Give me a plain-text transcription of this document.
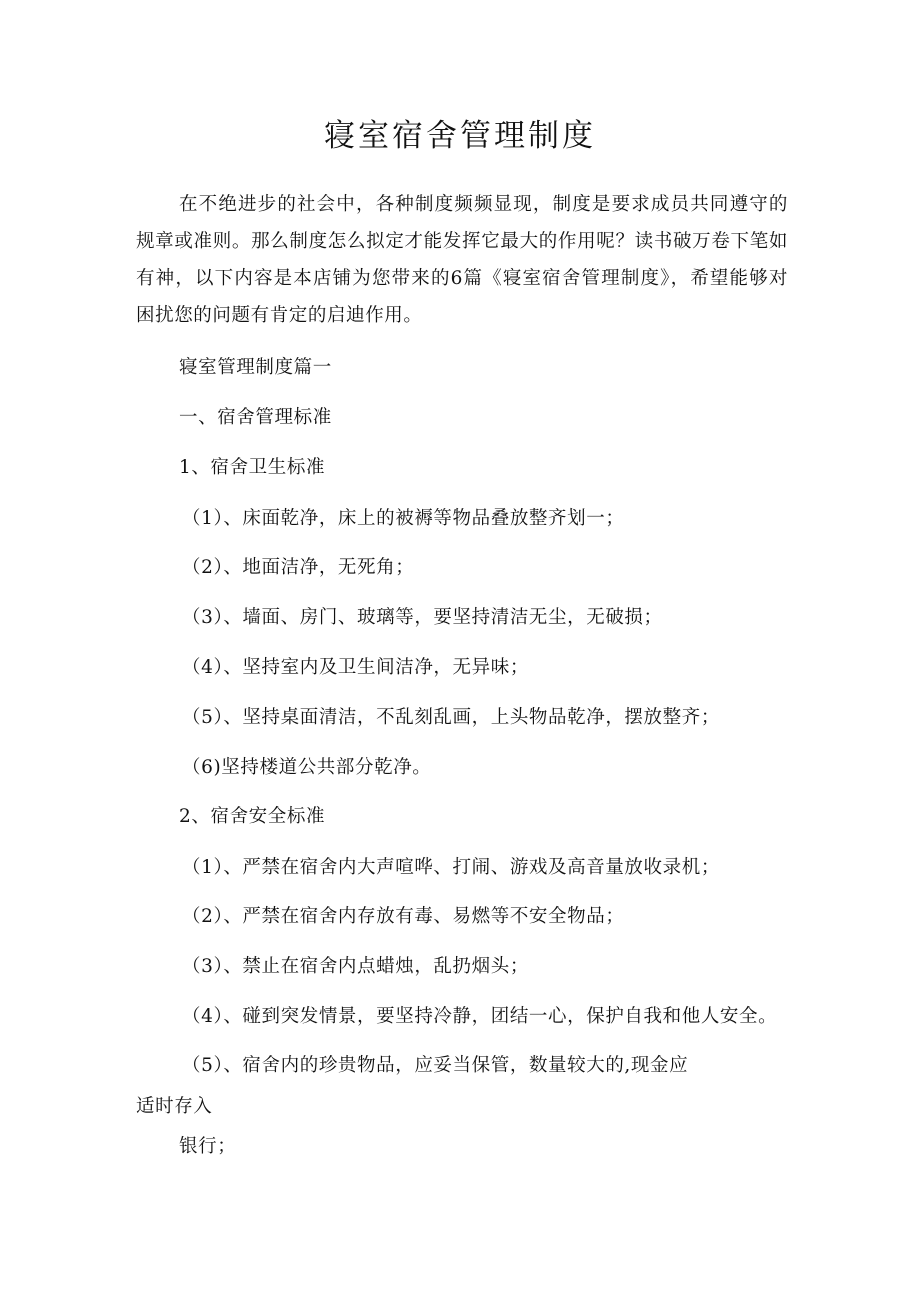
寝室宿舍管理制度
在不绝进步的社会中，各种制度频频显现，制度是要求成员共同遵守的规章或准则。那么制度怎么拟定才能发挥它最大的作用呢？读书破万卷下笔如有神，以下内容是本店铺为您带来的6篇《寝室宿舍管理制度》，希望能够对困扰您的问题有肯定的启迪作用。
寝室管理制度篇一
一、宿舍管理标准
1、宿舍卫生标准
（1）、床面乾净，床上的被褥等物品叠放整齐划一；
（2）、地面洁净，无死角；
（3）、墙面、房门、玻璃等，要坚持清洁无尘，无破损；
（4）、坚持室内及卫生间洁净，无异味；
（5）、坚持桌面清洁，不乱刻乱画，上头物品乾净，摆放整齐；
（6)坚持楼道公共部分乾净。
2、宿舍安全标准
（1）、严禁在宿舍内大声喧哗、打闹、游戏及高音量放收录机；
（2）、严禁在宿舍内存放有毒、易燃等不安全物品；
（3）、禁止在宿舍内点蜡烛，乱扔烟头；
（4）、碰到突发情景，要坚持冷静，团结一心，保护自我和他人安全。
（5）、宿舍内的珍贵物品，应妥当保管，数量较大的,现金应
适时存入
银行；
